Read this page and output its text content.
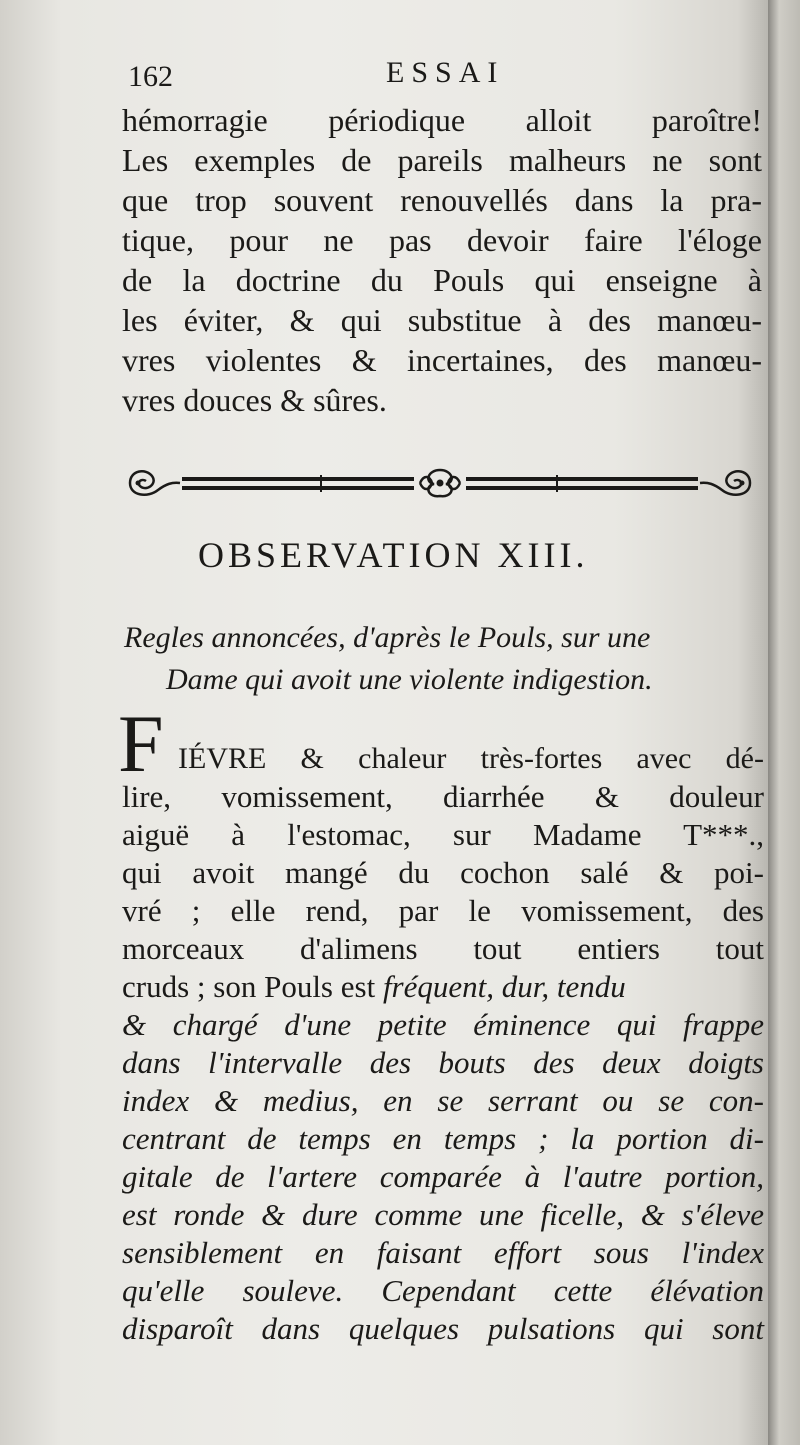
162	ESSAI
hémorragie périodique alloit paroître!
Les exemples de pareils malheurs ne sont
que trop souvent renouvellés dans la pra-
tique, pour ne pas devoir faire l'éloge
de la doctrine du Pouls qui enseigne à
les éviter, & qui substitue à des manœu-
vres violentes & incertaines, des manœu-
vres douces & sûres.
OBSERVATION XIII.
Regles annoncées, d'après le Pouls, sur une
Dame qui avoit une violente indigestion.
F IÉVRE & chaleur très-fortes avec dé-
lire, vomissement, diarrhée & douleur
aiguë à l'estomac, sur Madame T***.,
qui avoit mangé du cochon salé & poi-
vré ; elle rend, par le vomissement, des
morceaux d'alimens tout entiers tout
cruds ; son Pouls est fréquent, dur, tendu
& chargé d'une petite éminence qui frappe
dans l'intervalle des bouts des deux doigts
index & medius, en se serrant ou se con-
centrant de temps en temps ; la portion di-
gitale de l'artere comparée à l'autre portion,
est ronde & dure comme une ficelle, & s'éleve
sensiblement en faisant effort sous l'index
qu'elle souleve. Cependant cette élévation
disparoît dans quelques pulsations qui sont
